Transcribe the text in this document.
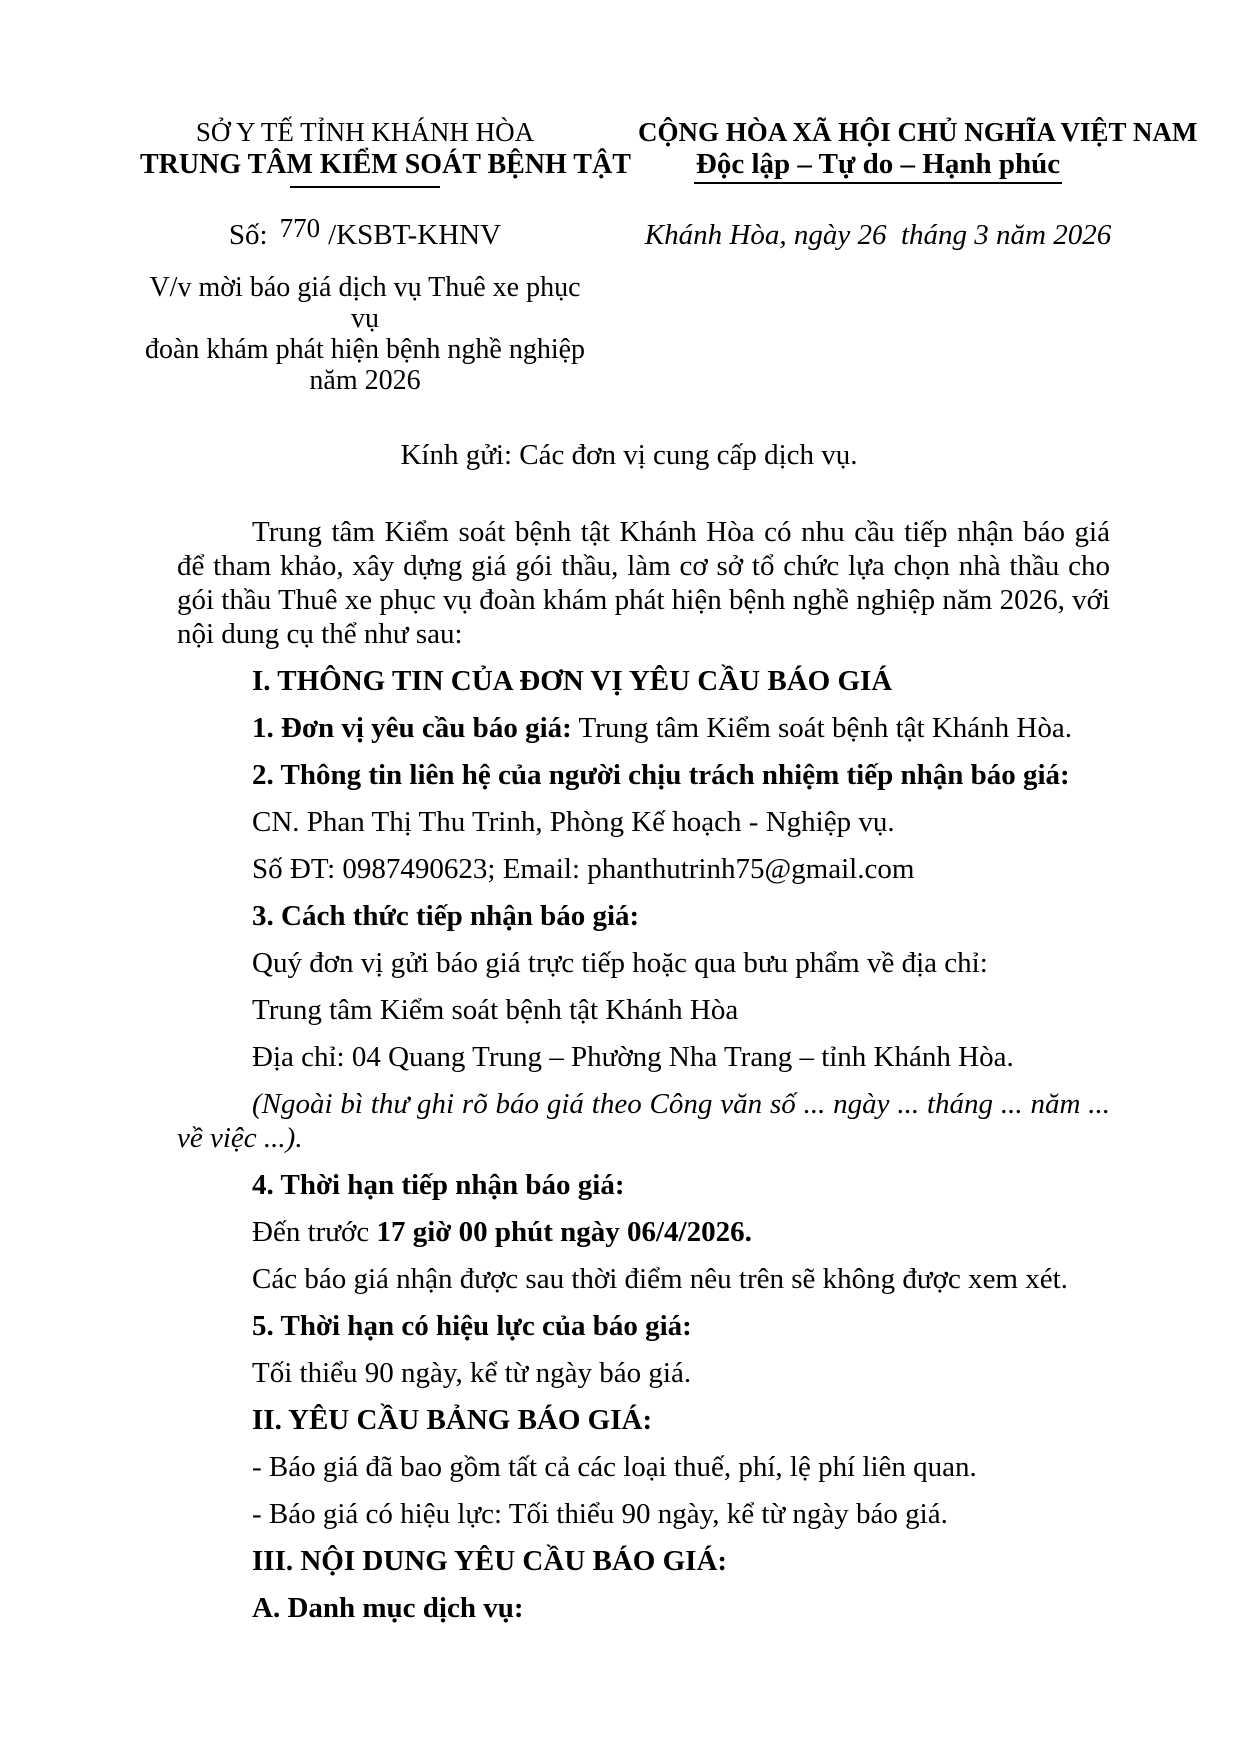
SỞ Y TẾ TỈNH KHÁNH HÒA
TRUNG TÂM KIỂM SOÁT BỆNH TẬT
CỘNG HÒA XÃ HỘI CHỦ NGHĨA VIỆT NAM
Độc lập – Tự do – Hạnh phúc
Số: 770 /KSBT-KHNV	Khánh Hòa, ngày 26  tháng 3 năm 2026
V/v mời báo giá dịch vụ Thuê xe phục vụ
đoàn khám phát hiện bệnh nghề nghiệp
năm 2026
Kính gửi: Các đơn vị cung cấp dịch vụ.

Trung tâm Kiểm soát bệnh tật Khánh Hòa có nhu cầu tiếp nhận báo giá để tham khảo, xây dựng giá gói thầu, làm cơ sở tổ chức lựa chọn nhà thầu cho gói thầu Thuê xe phục vụ đoàn khám phát hiện bệnh nghề nghiệp năm 2026, với nội dung cụ thể như sau:

I. THÔNG TIN CỦA ĐƠN VỊ YÊU CẦU BÁO GIÁ

1. Đơn vị yêu cầu báo giá: Trung tâm Kiểm soát bệnh tật Khánh Hòa.

2. Thông tin liên hệ của người chịu trách nhiệm tiếp nhận báo giá:

CN. Phan Thị Thu Trinh, Phòng Kế hoạch - Nghiệp vụ.

Số ĐT: 0987490623; Email: phanthutrinh75@gmail.com

3. Cách thức tiếp nhận báo giá:

Quý đơn vị gửi báo giá trực tiếp hoặc qua bưu phẩm về địa chỉ:

Trung tâm Kiểm soát bệnh tật Khánh Hòa

Địa chỉ: 04 Quang Trung – Phường Nha Trang – tỉnh Khánh Hòa.

(Ngoài bì thư ghi rõ báo giá theo Công văn số ... ngày ... tháng ... năm ... về việc ...).

4. Thời hạn tiếp nhận báo giá:

Đến trước 17 giờ 00 phút ngày 06/4/2026.

Các báo giá nhận được sau thời điểm nêu trên sẽ không được xem xét.

5. Thời hạn có hiệu lực của báo giá:

Tối thiểu 90 ngày, kể từ ngày báo giá.

II. YÊU CẦU BẢNG BÁO GIÁ:

- Báo giá đã bao gồm tất cả các loại thuế, phí, lệ phí liên quan.

- Báo giá có hiệu lực: Tối thiểu 90 ngày, kể từ ngày báo giá.

III. NỘI DUNG YÊU CẦU BÁO GIÁ:

A. Danh mục dịch vụ:
